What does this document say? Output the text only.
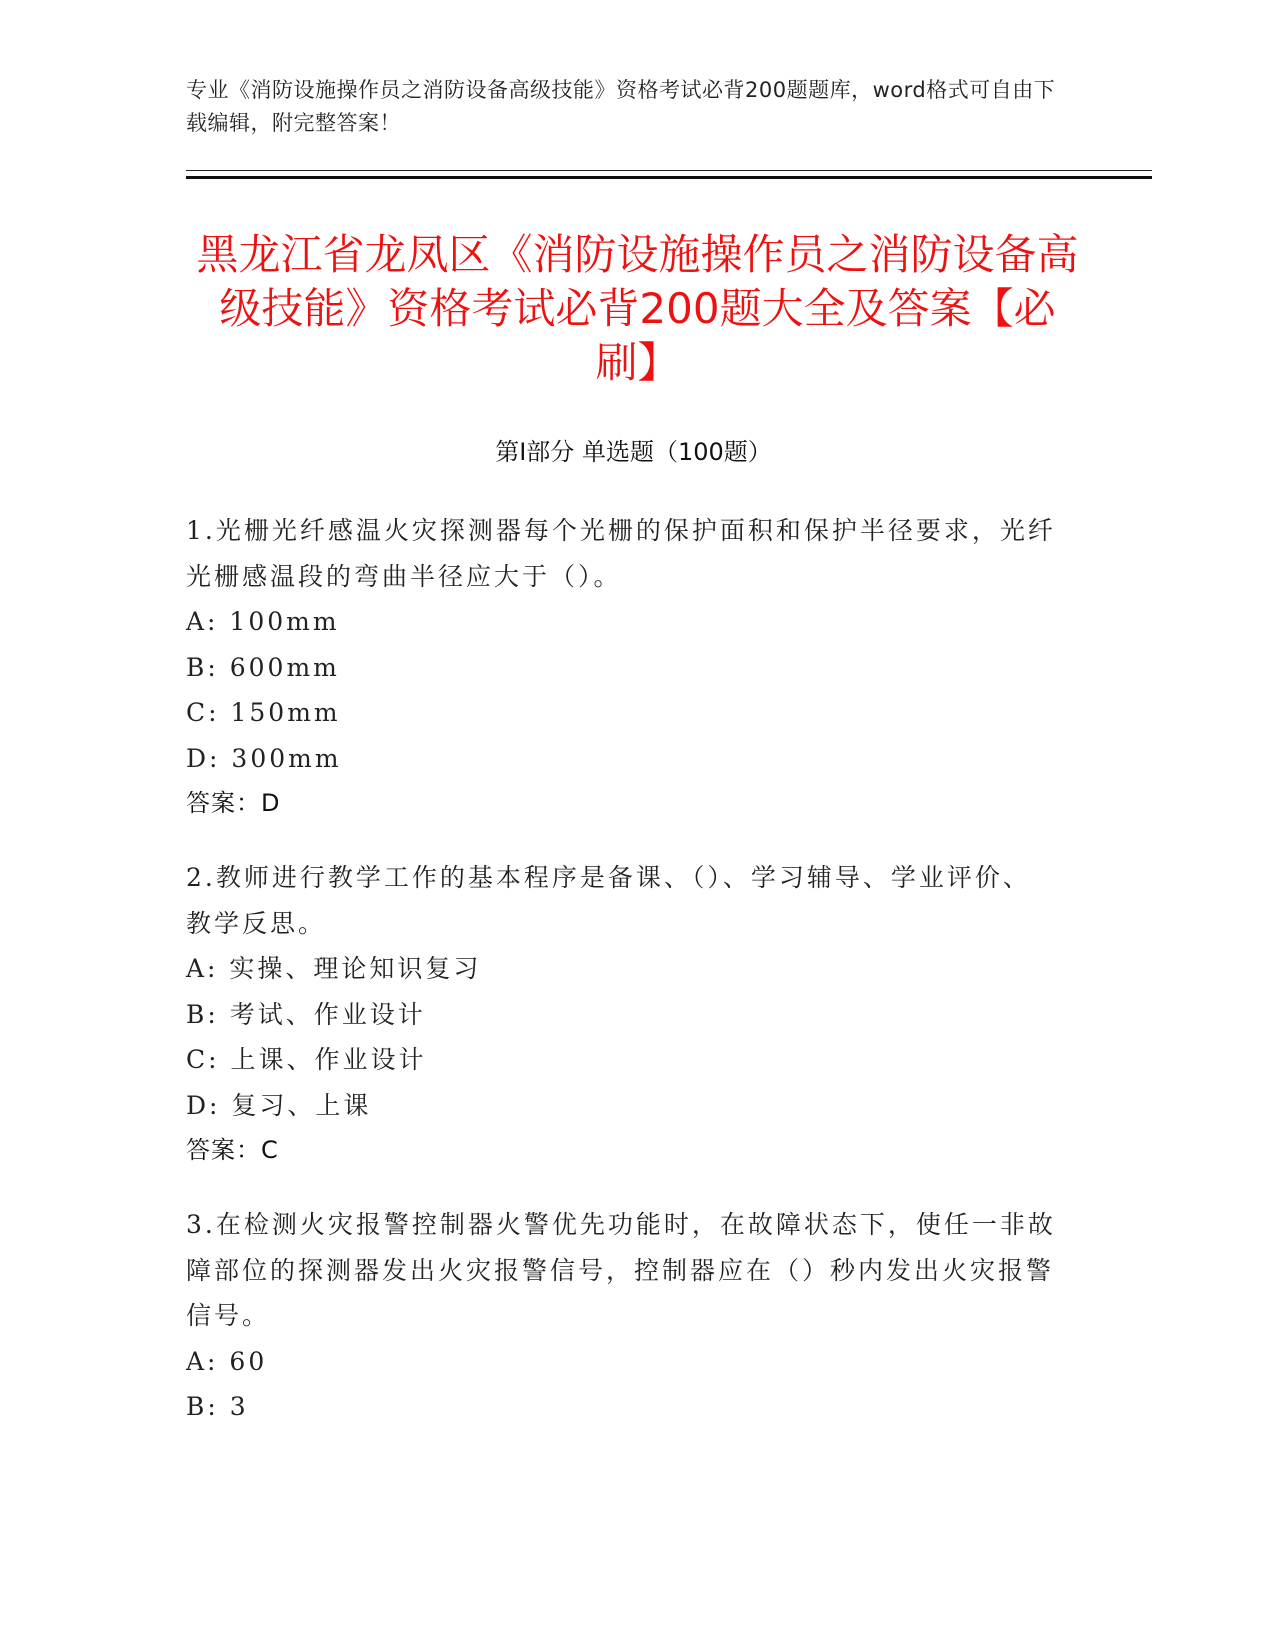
专业《消防设施操作员之消防设备高级技能》资格考试必背200题题库，word格式可自由下载编辑，附完整答案！
黑龙江省龙凤区《消防设施操作员之消防设备高级技能》资格考试必背200题大全及答案【必刷】
第I部分 单选题（100题）

1.光栅光纤感温火灾探测器每个光栅的保护面积和保护半径要求，光纤光栅感温段的弯曲半径应大于（）。

A: 100mm

B: 600mm

C: 150mm

D: 300mm

答案：D

2.教师进行教学工作的基本程序是备课、（）、学习辅导、学业评价、教学反思。

A: 实操、理论知识复习

B: 考试、作业设计

C: 上课、作业设计

D: 复习、上课

答案：C

3.在检测火灾报警控制器火警优先功能时，在故障状态下，使任一非故障部位的探测器发出火灾报警信号，控制器应在（）秒内发出火灾报警信号。

A: 60

B: 3
